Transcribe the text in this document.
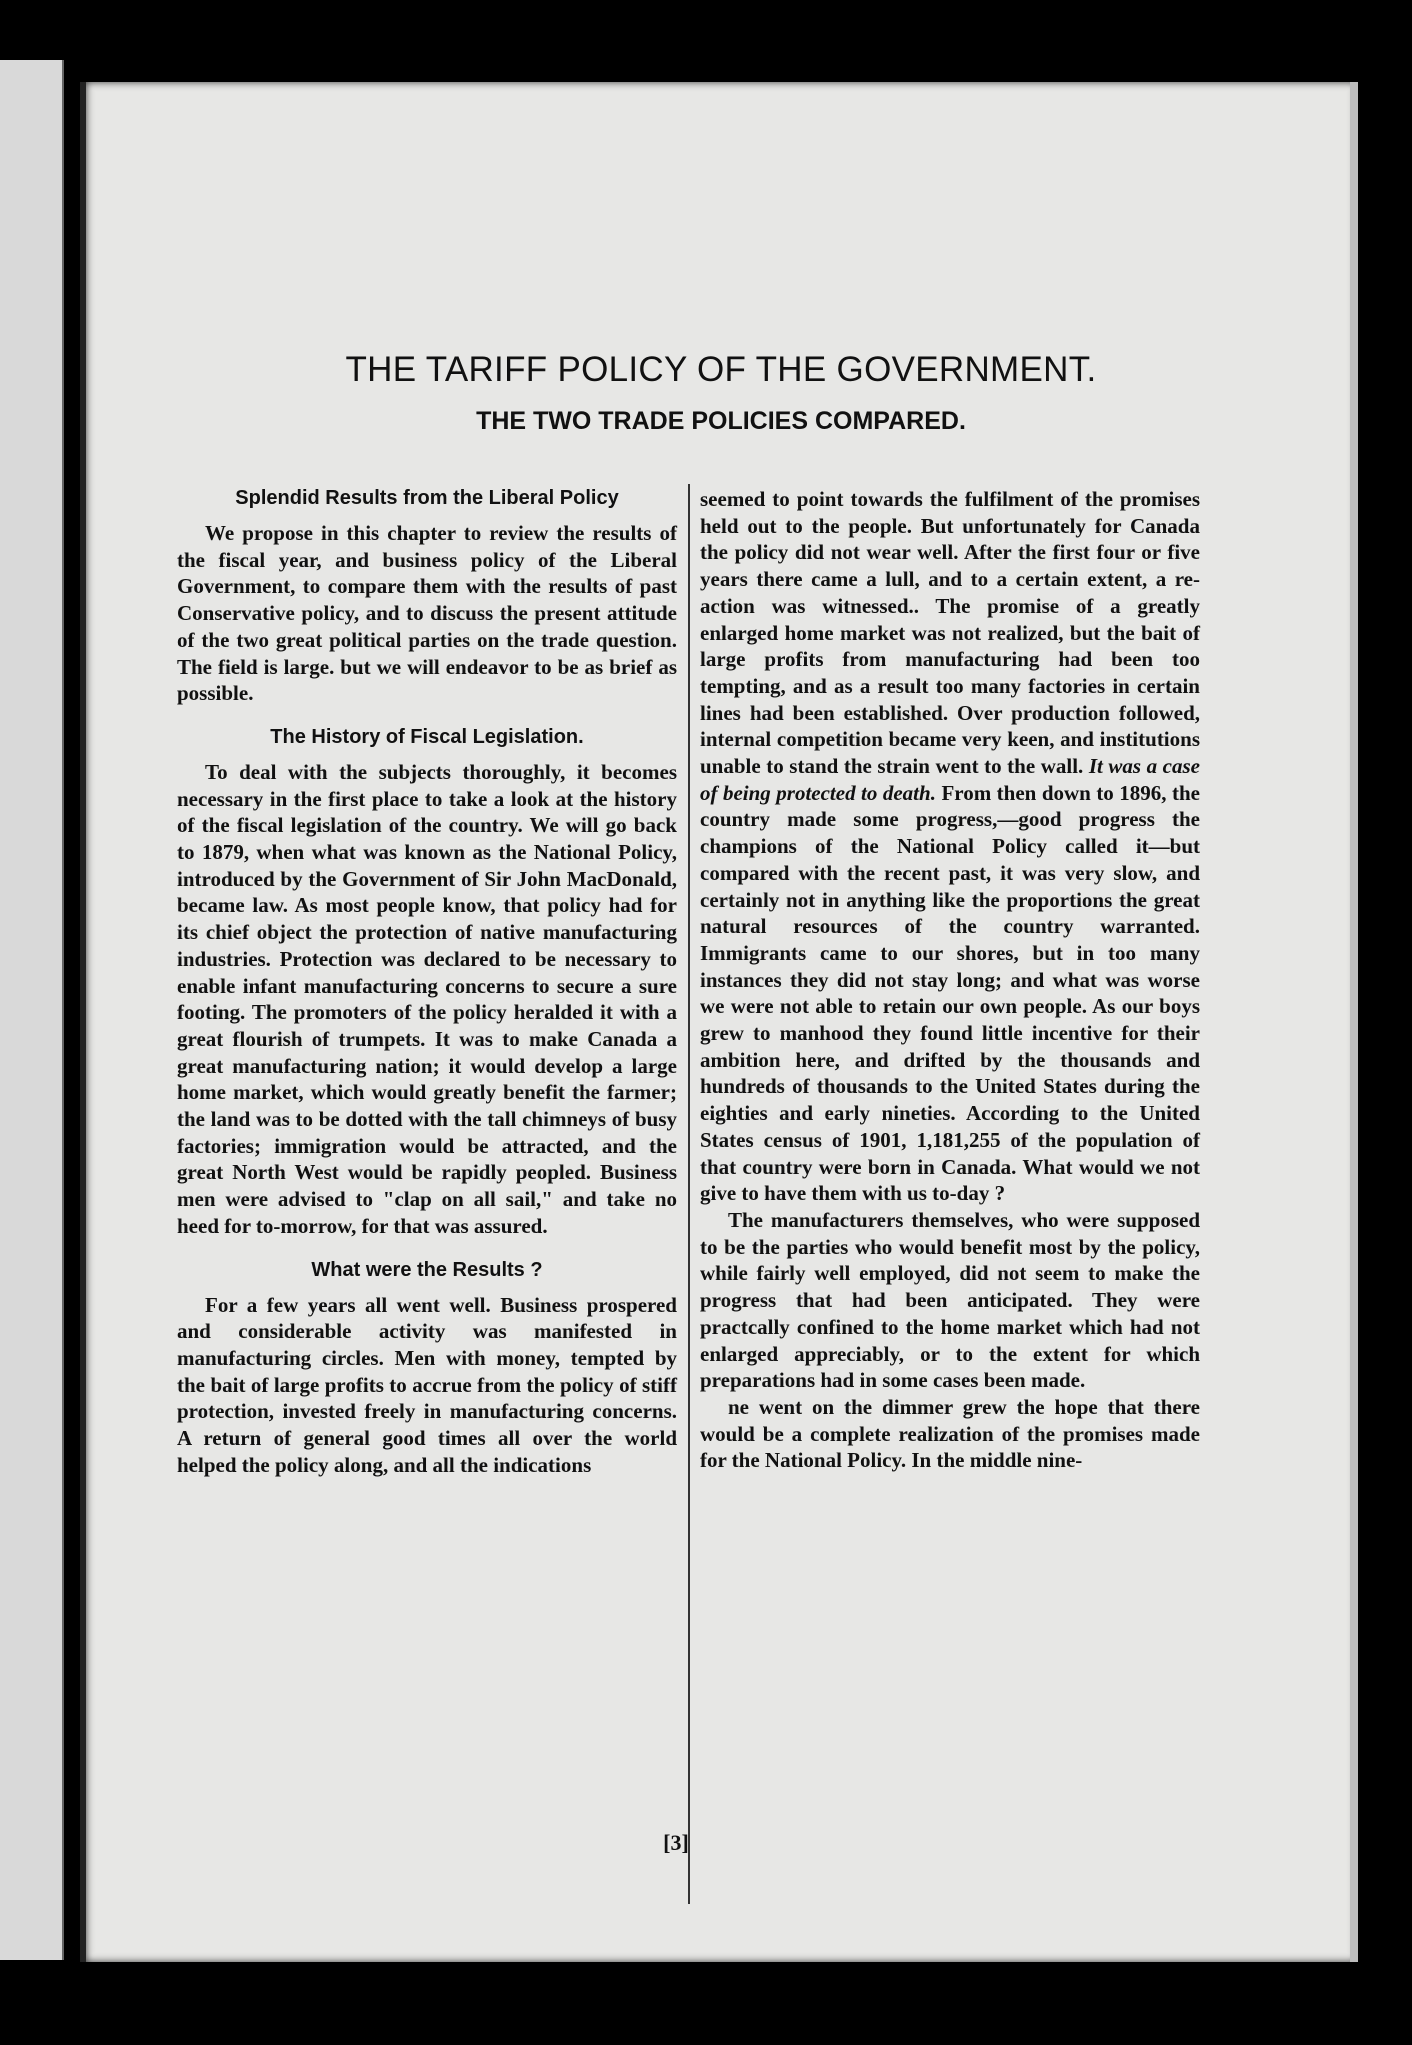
THE TARIFF POLICY OF THE GOVERNMENT.
THE TWO TRADE POLICIES COMPARED.

Splendid Results from the Liberal Policy

We propose in this chapter to review the results of the fiscal year, and business policy of the Liberal Government, to compare them with the results of past Conservative policy, and to discuss the present attitude of the two great political parties on the trade question. The field is large. but we will endeavor to be as brief as possible.

The History of Fiscal Legislation.

To deal with the subjects thoroughly, it becomes necessary in the first place to take a look at the history of the fiscal legislation of the country. We will go back to 1879, when what was known as the National Policy, introduced by the Government of Sir John MacDonald, became law. As most people know, that policy had for its chief object the protection of native manufacturing industries. Protection was declared to be necessary to enable infant manufacturing concerns to secure a sure footing. The promoters of the policy heralded it with a great flourish of trumpets. It was to make Canada a great manufacturing nation; it would develop a large home market, which would greatly benefit the farmer; the land was to be dotted with the tall chimneys of busy factories; immigration would be attracted, and the great North West would be rapidly peopled. Business men were advised to "clap on all sail," and take no heed for to-morrow, for that was assured.

What were the Results ?

For a few years all went well. Business prospered and considerable activity was manifested in manufacturing circles. Men with money, tempted by the bait of large profits to accrue from the policy of stiff protection, invested freely in manufacturing concerns. A return of general good times all over the world helped the policy along, and all the indications

seemed to point towards the fulfilment of the promises held out to the people. But unfortunately for Canada the policy did not wear well. After the first four or five years there came a lull, and to a certain extent, a re-action was witnessed.. The promise of a greatly enlarged home market was not realized, but the bait of large profits from manufacturing had been too tempting, and as a result too many factories in certain lines had been established. Over production followed, internal competition became very keen, and institutions unable to stand the strain went to the wall. It was a case of being protected to death. From then down to 1896, the country made some progress,—good progress the champions of the National Policy called it—but compared with the recent past, it was very slow, and certainly not in anything like the proportions the great natural resources of the country warranted. Immigrants came to our shores, but in too many instances they did not stay long; and what was worse we were not able to retain our own people. As our boys grew to manhood they found little incentive for their ambition here, and drifted by the thousands and hundreds of thousands to the United States during the eighties and early nineties. According to the United States census of 1901, 1,181,255 of the population of that country were born in Canada. What would we not give to have them with us to-day ?

The manufacturers themselves, who were supposed to be the parties who would benefit most by the policy, while fairly well employed, did not seem to make the progress that had been anticipated. They were practcally confined to the home market which had not enlarged appreciably, or to the extent for which preparations had in some cases been made.

ne went on the dimmer grew the hope that there would be a complete realization of the promises made for the National Policy. In the middle nine-

[3]
